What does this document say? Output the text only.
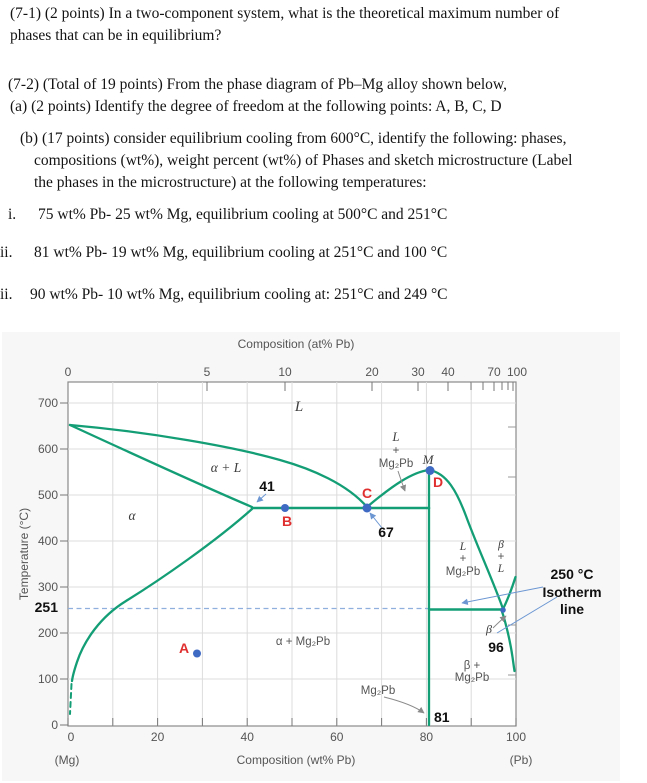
(7-1) (2 points) In a two-component system, what is the theoretical maximum number of
phases that can be in equilibrium?
(7-2) (Total of 19 points) From the phase diagram of Pb–Mg alloy shown below,
(a) (2 points) Identify the degree of freedom at the following points: A, B, C, D
(b) (17 points) consider equilibrium cooling from 600°C, identify the following: phases,
compositions (wt%), weight percent (wt%) of Phases and sketch microstructure (Label
the phases in the microstructure) at the following temperatures:
i. 75 wt% Pb- 25 wt% Mg, equilibrium cooling at 500°C and 251°C
ii. 81 wt% Pb- 19 wt% Mg, equilibrium cooling at 251°C and 100 °C
ii. 90 wt% Pb- 10 wt% Mg, equilibrium cooling at: 251°C and 249 °C
Composition (at% Pb)
0	5	10	20	30 40	70 100
700
600
500
400
300
200
100
0
251
0	20	40	60	80	100
Composition (wt% Pb)
(Mg)	(Pb)
Temperature (°C)
L
α + L
α
L
+
Mg₂Pb M
β
+
L
L
+
Mg₂Pb
α + Mg₂Pb
β +
Mg₂Pb
Mg₂Pb
β
41
67
96
81
250 °C
Isotherm
line
A
B
C
D
